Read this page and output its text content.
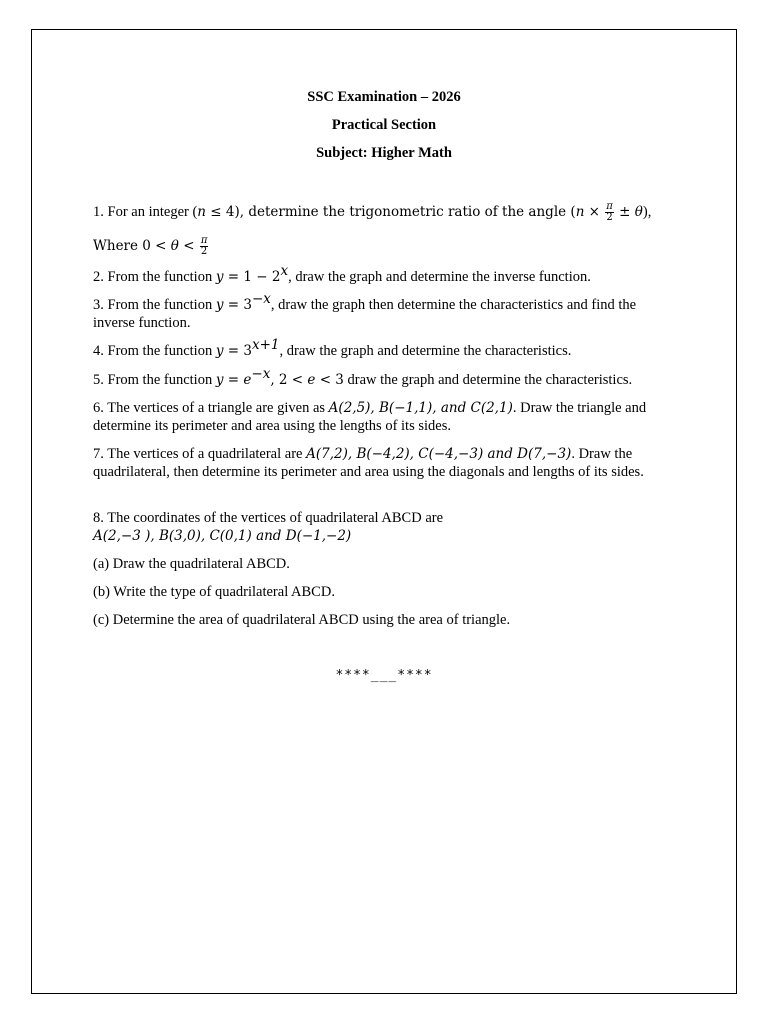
SSC Examination – 2026
Practical Section
Subject: Higher Math
1. For an integer (n ≤ 4), determine the trigonometric ratio of the angle $(n \times \frac{\pi}{2} \pm \theta)$,
Where $0 < \theta < \frac{\pi}{2}$
2. From the function $y = 1 - 2^x$, draw the graph and determine the inverse function.
3. From the function $y = 3^{-x}$, draw the graph then determine the characteristics and find the inverse function.
4. From the function $y = 3^{x+1}$, draw the graph and determine the characteristics.
5. From the function $y = e^{-x}$, 2 < e < 3 draw the graph and determine the characteristics.
6. The vertices of a triangle are given as A(2,5), B(−1,1), and C(2,1). Draw the triangle and determine its perimeter and area using the lengths of its sides.
7. The vertices of a quadrilateral are A(7,2), B(−4,2), C(−4,−3) and D(7,−3). Draw the quadrilateral, then determine its perimeter and area using the diagonals and lengths of its sides.
8. The coordinates of the vertices of quadrilateral ABCD are
A(2,−3 ), B(3,0), C(0,1) and D(−1,−2)
(a) Draw the quadrilateral ABCD.
(b) Write the type of quadrilateral ABCD.
(c) Determine the area of quadrilateral ABCD using the area of triangle.
****___****
